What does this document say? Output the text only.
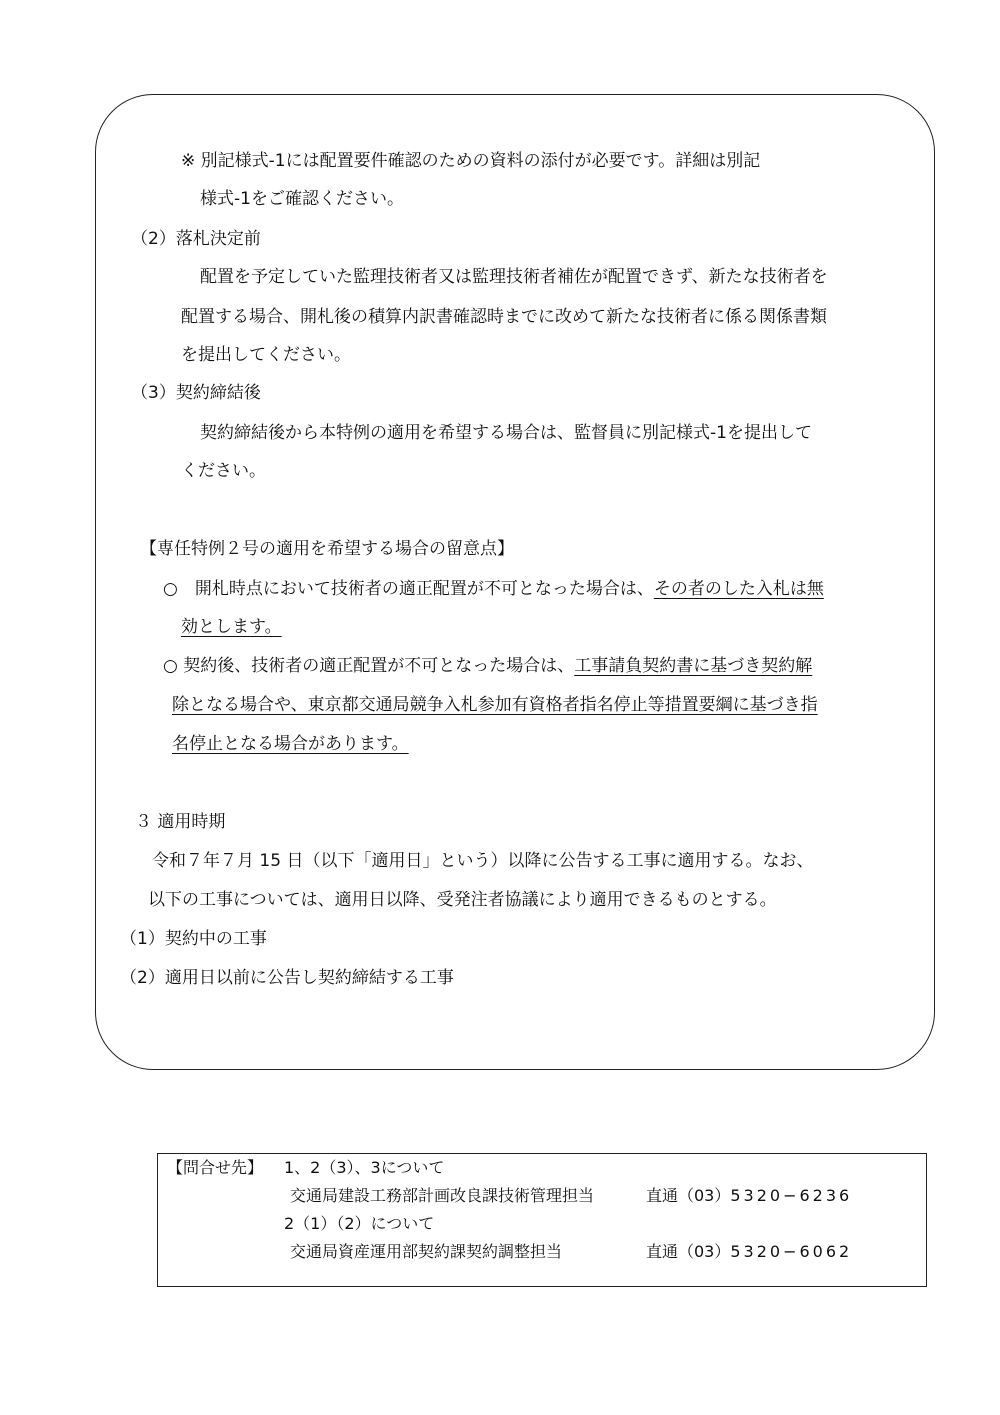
※ 別記様式-1には配置要件確認のための資料の添付が必要です。詳細は別記
様式-1をご確認ください。
（2）落札決定前
配置を予定していた監理技術者又は監理技術者補佐が配置できず、新たな技術者を
配置する場合、開札後の積算内訳書確認時までに改めて新たな技術者に係る関係書類
を提出してください。
（3）契約締結後
契約締結後から本特例の適用を希望する場合は、監督員に別記様式-1を提出して
ください。
【専任特例２号の適用を希望する場合の留意点】
○　開札時点において技術者の適正配置が不可となった場合は、その者のした入札は無
効とします。
○ 契約後、技術者の適正配置が不可となった場合は、工事請負契約書に基づき契約解
除となる場合や、東京都交通局競争入札参加有資格者指名停止等措置要綱に基づき指
名停止となる場合があります。
３ 適用時期
令和７年７月 15 日（以下「適用日」という）以降に公告する工事に適用する。なお、
以下の工事については、適用日以降、受発注者協議により適用できるものとする。
（1）契約中の工事
（2）適用日以前に公告し契約締結する工事
【問合せ先】 1、2（3）、3について
交通局建設工務部計画改良課技術管理担当	直通（03）5320−6236
2（1）（2）について
交通局資産運用部契約課契約調整担当	直通（03）5320−6062
